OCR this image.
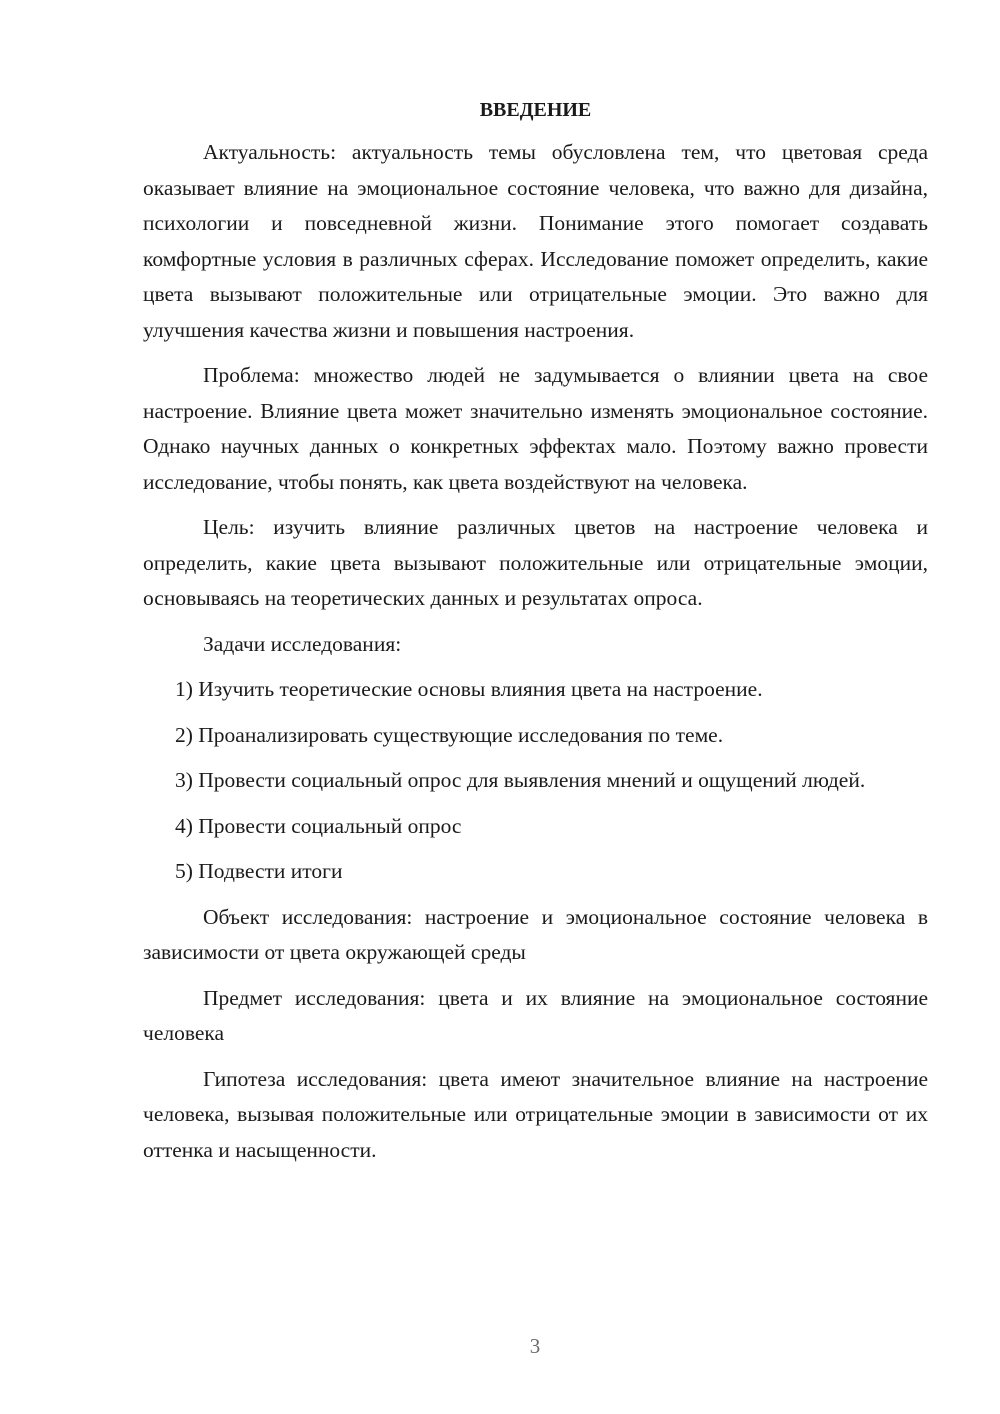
ВВЕДЕНИЕ

Актуальность: актуальность темы обусловлена тем, что цветовая среда оказывает влияние на эмоциональное состояние человека, что важно для дизайна, психологии и повседневной жизни. Понимание этого помогает создавать комфортные условия в различных сферах. Исследование поможет определить, какие цвета вызывают положительные или отрицательные эмоции. Это важно для улучшения качества жизни и повышения настроения.

Проблема: множество людей не задумывается о влиянии цвета на свое настроение. Влияние цвета может значительно изменять эмоциональное состояние. Однако научных данных о конкретных эффектах мало. Поэтому важно провести исследование, чтобы понять, как цвета воздействуют на человека.

Цель: изучить влияние различных цветов на настроение человека и определить, какие цвета вызывают положительные или отрицательные эмоции, основываясь на теоретических данных и результатах опроса.

Задачи исследования:

1) Изучить теоретические основы влияния цвета на настроение.

2) Проанализировать существующие исследования по теме.

3) Провести социальный опрос для выявления мнений и ощущений людей.

4) Провести социальный опрос

5) Подвести итоги

Объект исследования: настроение и эмоциональное состояние человека в зависимости от цвета окружающей среды

Предмет исследования: цвета и их влияние на эмоциональное состояние человека

Гипотеза исследования: цвета имеют значительное влияние на настроение человека, вызывая положительные или отрицательные эмоции в зависимости от их оттенка и насыщенности.

3
